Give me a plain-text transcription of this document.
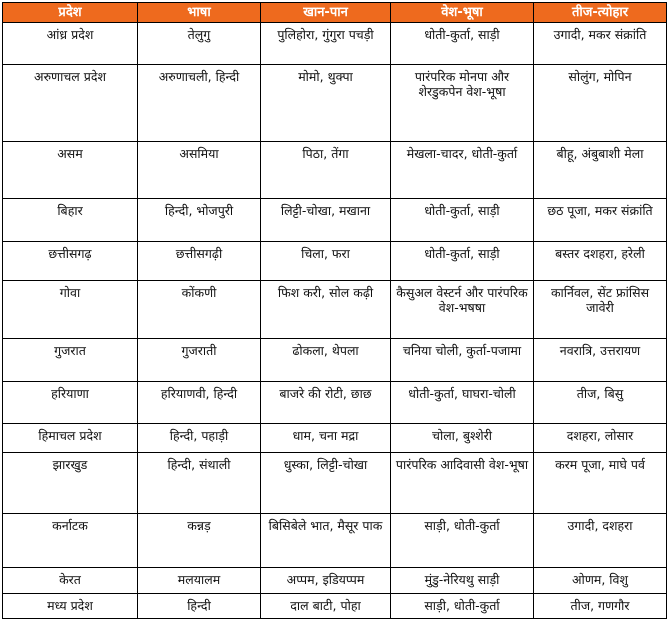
प्रदेश	भाषा	खान-पान	वेश-भूषा	तीज-त्योहार
आंध्र प्रदेश	तेलुगु	पुलिहोरा, गुंगुरा पचड़ी	धोती-कुर्ता, साड़ी	उगादी, मकर संक्रांति
अरुणाचल प्रदेश	अरुणाचली, हिन्दी	मोमो, थुक्पा	पारंपरिक मोनपा और शेरडुकपेन वेश-भूषा	सोलुंग, मोपिन
असम	असमिया	पिठा, तेंगा	मेखला-चादर, धोती-कुर्ता	बीहू, अंबुबाशी मेला
बिहार	हिन्दी, भोजपुरी	लिट्टी-चोखा, मखाना	धोती-कुर्ता, साड़ी	छठ पूजा, मकर संक्रांति
छत्तीसगढ़	छत्तीसगढ़ी	चिला, फरा	धोती-कुर्ता, साड़ी	बस्तर दशहरा, हरेली
गोवा	कोंकणी	फिश करी, सोल कढ़ी	कैसुअल वेस्टर्न और पारंपरिक वेश-भषषा	कार्निवल, सेंट फ्रांसिस जावेरी
गुजरात	गुजराती	ढोकला, थेपला	चनिया चोली, कुर्ता-पजामा	नवरात्रि, उत्तरायण
हरियाणा	हरियाणवी, हिन्दी	बाजरे की रोटी, छाछ	धोती-कुर्ता, घाघरा-चोली	तीज, बिसु
हिमाचल प्रदेश	हिन्दी, पहाड़ी	धाम, चना मद्रा	चोला, बुश्शेरी	दशहरा, लोसार
झारखुड	हिन्दी, संथाली	धुस्का, लिट्टी-चोखा	पारंपरिक आदिवासी वेश-भूषा	करम पूजा, माघे पर्व
कर्नाटक	कन्नड़	बिसिबेले भात, मैसूर पाक	साड़ी, धोती-कुर्ता	उगादी, दशहरा
केरत	मलयालम	अप्पम, इडियप्पम	मुंडु-नेरियथु साड़ी	ओणम, विशु
मध्य प्रदेश	हिन्दी	दाल बाटी, पोहा	साड़ी, धोती-कुर्ता	तीज, गणगौर
